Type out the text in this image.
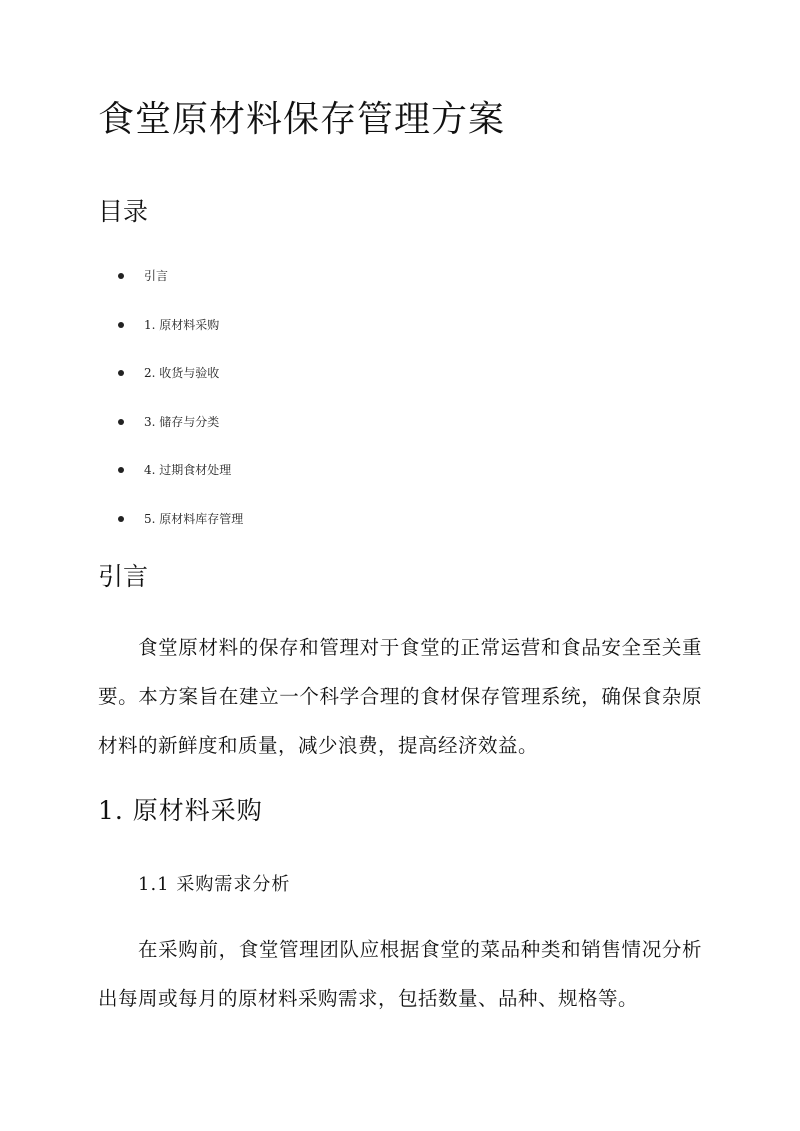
食堂原材料保存管理方案
目录
引言
1. 原材料采购
2. 收货与验收
3. 储存与分类
4. 过期食材处理
5. 原材料库存管理
引言

食堂原材料的保存和管理对于食堂的正常运营和食品安全至关重要。本方案旨在建立一个科学合理的食材保存管理系统，确保食杂原材料的新鲜度和质量，减少浪费，提高经济效益。

1. 原材料采购
1.1 采购需求分析

在采购前，食堂管理团队应根据食堂的菜品种类和销售情况分析出每周或每月的原材料采购需求，包括数量、品种、规格等。
